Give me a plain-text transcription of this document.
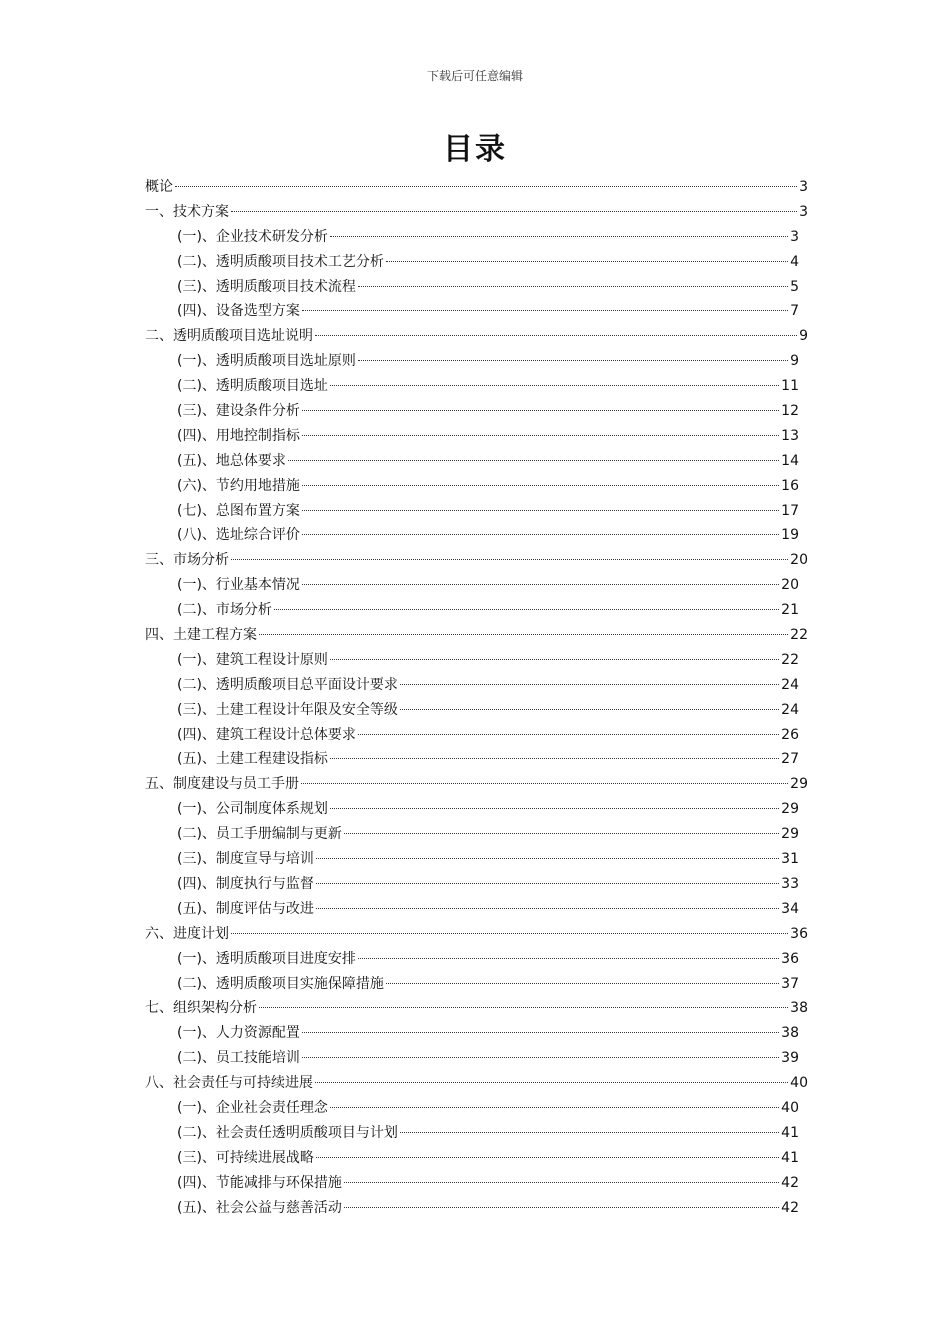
下载后可任意编辑
目录
概论	3
一、技术方案	3
(一)、企业技术研发分析	3
(二)、透明质酸项目技术工艺分析	4
(三)、透明质酸项目技术流程	5
(四)、设备选型方案	7
二、透明质酸项目选址说明	9
(一)、透明质酸项目选址原则	9
(二)、透明质酸项目选址	11
(三)、建设条件分析	12
(四)、用地控制指标	13
(五)、地总体要求	14
(六)、节约用地措施	16
(七)、总图布置方案	17
(八)、选址综合评价	19
三、市场分析	20
(一)、行业基本情况	20
(二)、市场分析	21
四、土建工程方案	22
(一)、建筑工程设计原则	22
(二)、透明质酸项目总平面设计要求	24
(三)、土建工程设计年限及安全等级	24
(四)、建筑工程设计总体要求	26
(五)、土建工程建设指标	27
五、制度建设与员工手册	29
(一)、公司制度体系规划	29
(二)、员工手册编制与更新	29
(三)、制度宣导与培训	31
(四)、制度执行与监督	33
(五)、制度评估与改进	34
六、进度计划	36
(一)、透明质酸项目进度安排	36
(二)、透明质酸项目实施保障措施	37
七、组织架构分析	38
(一)、人力资源配置	38
(二)、员工技能培训	39
八、社会责任与可持续进展	40
(一)、企业社会责任理念	40
(二)、社会责任透明质酸项目与计划	41
(三)、可持续进展战略	41
(四)、节能减排与环保措施	42
(五)、社会公益与慈善活动	42
